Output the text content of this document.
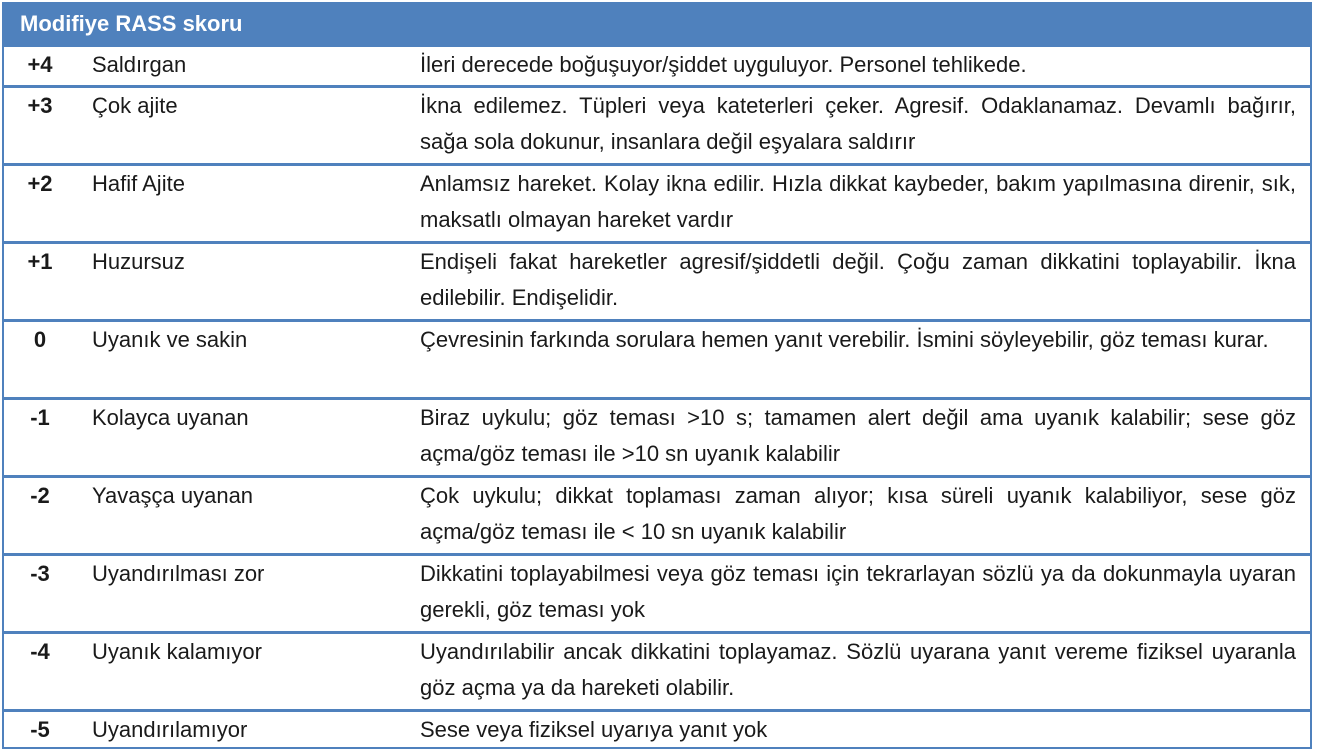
Modifiye RASS skoru
+4	Saldırgan	İleri derecede boğuşuyor/şiddet uyguluyor. Personel tehlikede.
+3	Çok ajite	İkna edilemez. Tüpleri veya kateterleri çeker. Agresif. Odaklanamaz. Devamlı bağırır, sağa sola dokunur, insanlara değil eşyalara saldırır
+2	Hafif Ajite	Anlamsız hareket. Kolay ikna edilir. Hızla dikkat kaybeder, bakım yapılmasına direnir, sık, maksatlı olmayan hareket vardır
+1	Huzursuz	Endişeli fakat hareketler agresif/şiddetli değil. Çoğu zaman dikkatini toplayabilir. İkna edilebilir. Endişelidir.
0	Uyanık ve sakin	Çevresinin farkında sorulara hemen yanıt verebilir. İsmini söyleyebilir, göz teması kurar.
-1	Kolayca uyanan	Biraz uykulu; göz teması >10 s; tamamen alert değil ama uyanık kalabilir; sese göz açma/göz teması ile >10 sn uyanık kalabilir
-2	Yavaşça uyanan	Çok uykulu; dikkat toplaması zaman alıyor; kısa süreli uyanık kalabiliyor, sese göz açma/göz teması ile < 10 sn uyanık kalabilir
-3	Uyandırılması zor	Dikkatini toplayabilmesi veya göz teması için tekrarlayan sözlü ya da dokunmayla uyaran gerekli, göz teması yok
-4	Uyanık kalamıyor	Uyandırılabilir ancak dikkatini toplayamaz. Sözlü uyarana yanıt vereme fiziksel uyaranla göz açma ya da hareketi olabilir.
-5	Uyandırılamıyor	Sese veya fiziksel uyarıya yanıt yok
